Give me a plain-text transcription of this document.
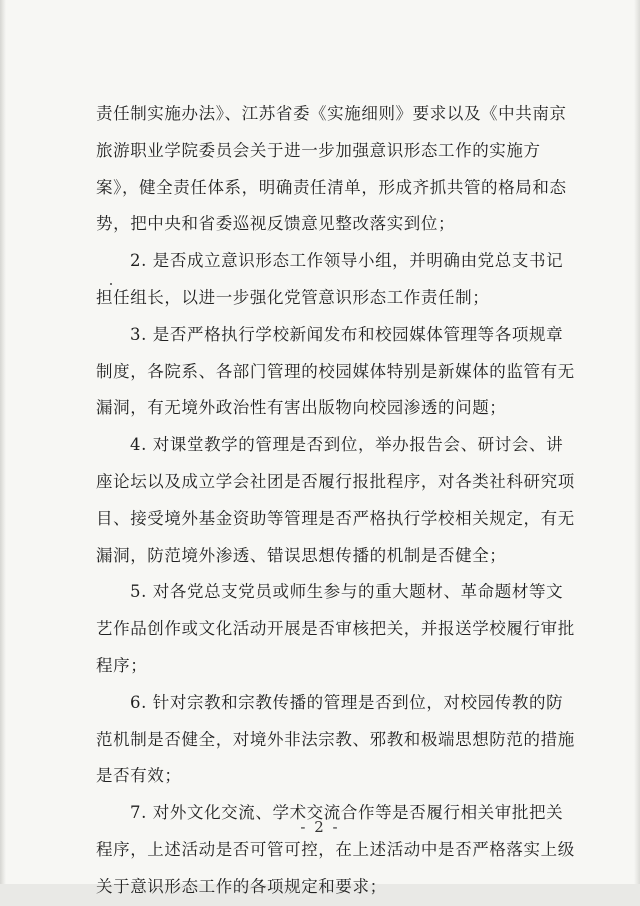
责任制实施办法》、江苏省委《实施细则》要求以及《中共南京
旅游职业学院委员会关于进一步加强意识形态工作的实施方
案》，健全责任体系，明确责任清单，形成齐抓共管的格局和态
势，把中央和省委巡视反馈意见整改落实到位；
2. 是否成立意识形态工作领导小组，并明确由党总支书记
担任组长，以进一步强化党管意识形态工作责任制；
3. 是否严格执行学校新闻发布和校园媒体管理等各项规章
制度，各院系、各部门管理的校园媒体特别是新媒体的监管有无
漏洞，有无境外政治性有害出版物向校园渗透的问题；
4. 对课堂教学的管理是否到位，举办报告会、研讨会、讲
座论坛以及成立学会社团是否履行报批程序，对各类社科研究项
目、接受境外基金资助等管理是否严格执行学校相关规定，有无
漏洞，防范境外渗透、错误思想传播的机制是否健全；
5. 对各党总支党员或师生参与的重大题材、革命题材等文
艺作品创作或文化活动开展是否审核把关，并报送学校履行审批
程序；
6. 针对宗教和宗教传播的管理是否到位，对校园传教的防
范机制是否健全，对境外非法宗教、邪教和极端思想防范的措施
是否有效；
7. 对外文化交流、学术交流合作等是否履行相关审批把关
程序，上述活动是否可管可控，在上述活动中是否严格落实上级
关于意识形态工作的各项规定和要求；
- 2 -
